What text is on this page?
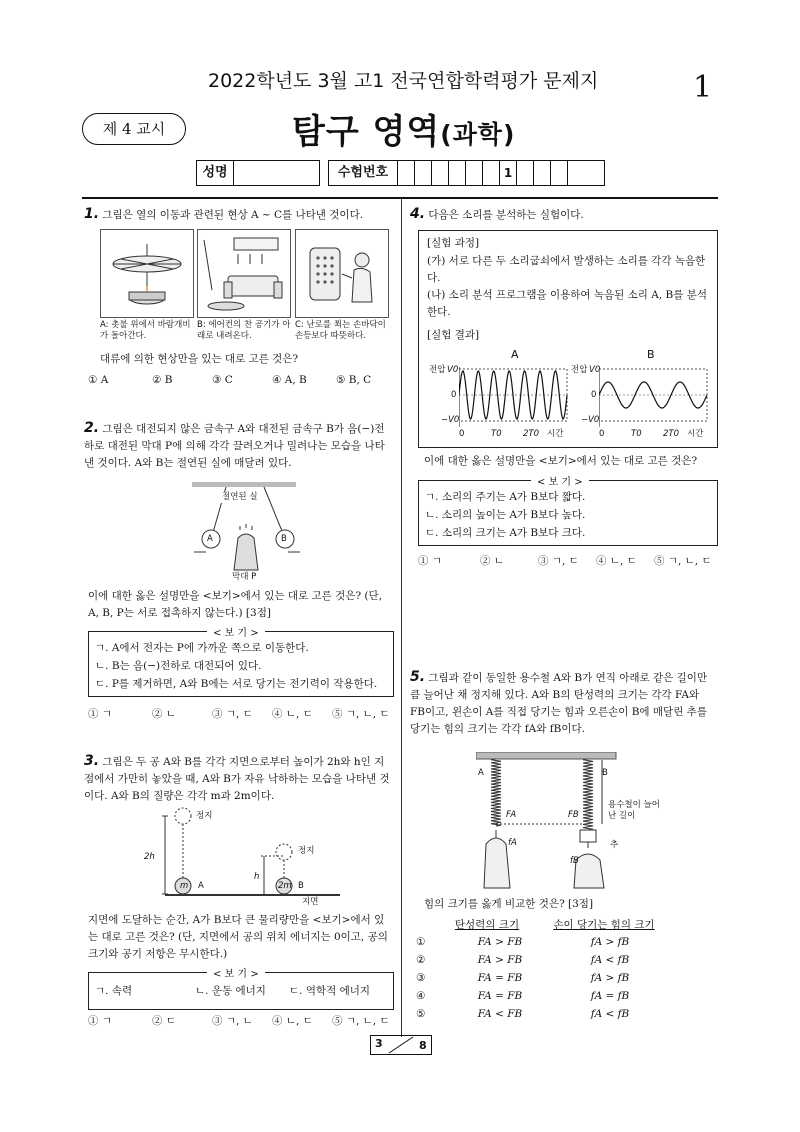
2022학년도 3월 고1 전국연합학력평가 문제지	1
제 4 교시	탐구 영역(과학)
성명	수험번호	1
1. 그림은 열의 이동과 관련된 현상 A ~ C를 나타낸 것이다.
A: 촛불 위에서 바람개비가 돌아간다.
B: 에어컨의 찬 공기가 아래로 내려온다.
C: 난로를 쬐는 손바닥이 손등보다 따뜻하다.
대류에 의한 현상만을 있는 대로 고른 것은?
① A	② B	③ C	④ A, B	⑤ B, C
2. 그림은 대전되지 않은 금속구 A와 대전된 금속구 B가 음(−)전하로 대전된 막대 P에 의해 각각 끌려오거나 밀려나는 모습을 나타낸 것이다. A와 B는 절연된 실에 매달려 있다.
절연된 실
A	B
막대 P
이에 대한 옳은 설명만을 <보기>에서 있는 대로 고른 것은? (단, A, B, P는 서로 접촉하지 않는다.) [3점]
< 보 기 >
ㄱ. A에서 전자는 P에 가까운 쪽으로 이동한다.
ㄴ. B는 음(−)전하로 대전되어 있다.
ㄷ. P를 제거하면, A와 B에는 서로 당기는 전기력이 작용한다.
① ㄱ	② ㄴ	③ ㄱ, ㄷ	④ ㄴ, ㄷ	⑤ ㄱ, ㄴ, ㄷ
3. 그림은 두 공 A와 B를 각각 지면으로부터 높이가 2h와 h인 지점에서 가만히 놓았을 때, A와 B가 자유 낙하하는 모습을 나타낸 것이다. A와 B의 질량은 각각 m과 2m이다.
정지
정지
2h
h
m A	2m B
지면
지면에 도달하는 순간, A가 B보다 큰 물리량만을 <보기>에서 있는 대로 고른 것은? (단, 지면에서 공의 위치 에너지는 0이고, 공의 크기와 공기 저항은 무시한다.)
< 보 기 >
ㄱ. 속력	ㄴ. 운동 에너지 ㄷ. 역학적 에너지
① ㄱ	② ㄷ	③ ㄱ, ㄴ	④ ㄴ, ㄷ	⑤ ㄱ, ㄴ, ㄷ
4. 다음은 소리를 분석하는 실험이다.
[실험 과정]
(가) 서로 다른 두 소리굽쇠에서 발생하는 소리를 각각 녹음한다.
(나) 소리 분석 프로그램을 이용하여 녹음된 소리 A, B를 분석한다.
[실험 결과]
A	B
전압 V0
0
−V0
0	T0	2T0 시간
전압 V0
0
−V0
0	T0	2T0 시간
이에 대한 옳은 설명만을 <보기>에서 있는 대로 고른 것은?
< 보 기 >
ㄱ. 소리의 주기는 A가 B보다 짧다.
ㄴ. 소리의 높이는 A가 B보다 높다.
ㄷ. 소리의 크기는 A가 B보다 크다.
① ㄱ	② ㄴ	③ ㄱ, ㄷ	④ ㄴ, ㄷ	⑤ ㄱ, ㄴ, ㄷ
5. 그림과 같이 동일한 용수철 A와 B가 연직 아래로 같은 길이만큼 늘어난 채 정지해 있다. A와 B의 탄성력의 크기는 각각 FA와 FB이고, 왼손이 A를 직접 당기는 힘과 오른손이 B에 매달린 추를 당기는 힘의 크기는 각각 fA와 fB이다.
A	B
FA	FB
용수철이 늘어난 길이
fA	추
fB
힘의 크기를 옳게 비교한 것은? [3점]
탄성력의 크기	손이 당기는 힘의 크기
①	FA > FB	fA > fB
②	FA > FB	fA < fB
③	FA = FB	fA > fB
④	FA = FB	fA = fB
⑤	FA < FB	fA < fB
3	8
